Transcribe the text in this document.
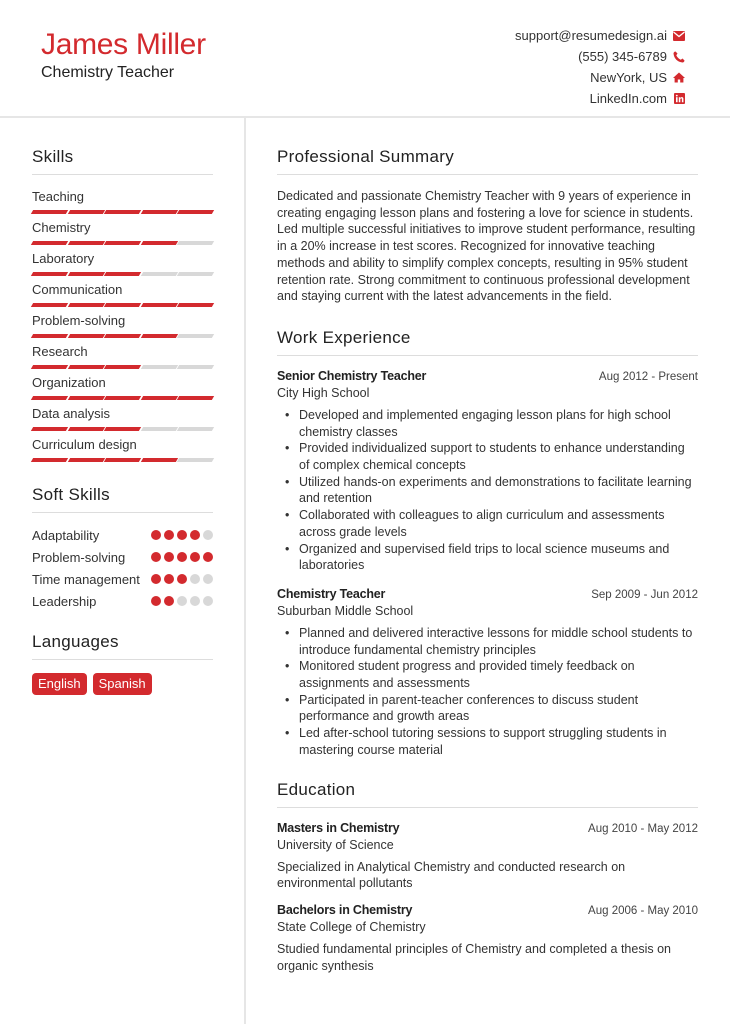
James Miller
Chemistry Teacher
support@resumedesign.ai
(555) 345-6789
NewYork, US
LinkedIn.com
Skills
Teaching
Chemistry
Laboratory
Communication
Problem-solving
Research
Organization
Data analysis
Curriculum design
Soft Skills
Adaptability
Problem-solving
Time management
Leadership
Languages
English	Spanish
Professional Summary

Dedicated and passionate Chemistry Teacher with 9 years of experience in creating engaging lesson plans and fostering a love for science in students. Led multiple successful initiatives to improve student performance, resulting in a 20% increase in test scores. Recognized for innovative teaching methods and ability to simplify complex concepts, resulting in 95% student retention rate. Strong commitment to continuous professional development and staying current with the latest advancements in the field.

Work Experience
Senior Chemistry Teacher	Aug 2012 - Present
City High School
• Developed and implemented engaging lesson plans for high school chemistry classes
• Provided individualized support to students to enhance understanding of complex chemical concepts
• Utilized hands-on experiments and demonstrations to facilitate learning and retention
• Collaborated with colleagues to align curriculum and assessments across grade levels
• Organized and supervised field trips to local science museums and laboratories
Chemistry Teacher	Sep 2009 - Jun 2012
Suburban Middle School
• Planned and delivered interactive lessons for middle school students to introduce fundamental chemistry principles
• Monitored student progress and provided timely feedback on assignments and assessments
• Participated in parent-teacher conferences to discuss student performance and growth areas
• Led after-school tutoring sessions to support struggling students in mastering course material
Education
Masters in Chemistry	Aug 2010 - May 2012
University of Science

Specialized in Analytical Chemistry and conducted research on environmental pollutants

Bachelors in Chemistry	Aug 2006 - May 2010
State College of Chemistry

Studied fundamental principles of Chemistry and completed a thesis on organic synthesis
